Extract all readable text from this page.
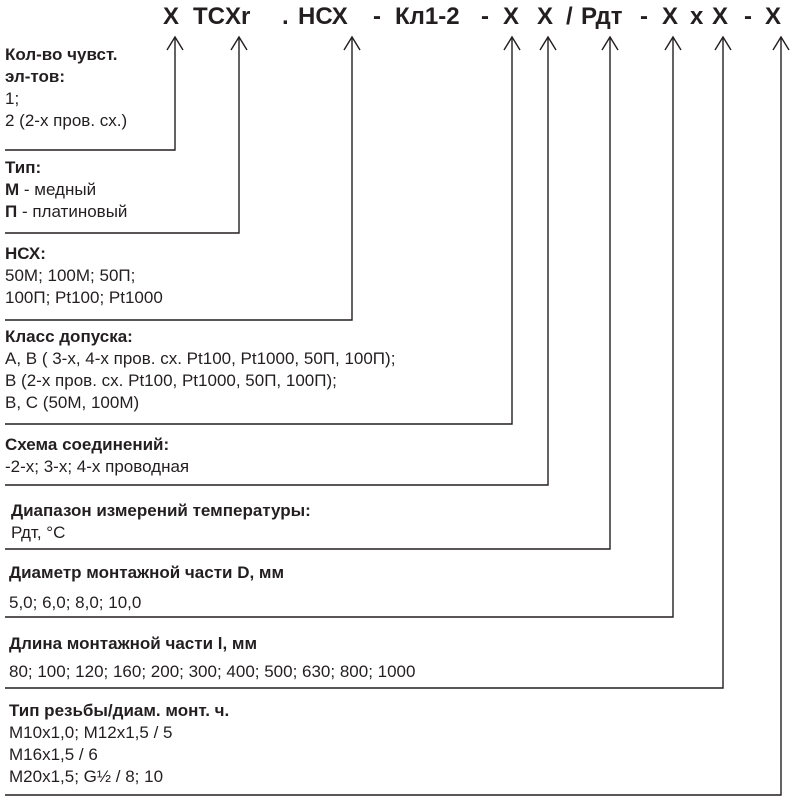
X TCXr . НСХ - Кл1-2 - X X / Рдт - X x X - X
Кол-во чувст.
эл-тов:
1;
2 (2-х пров. сх.)
Тип:
М - медный
П - платиновый
НСХ:
50М; 100М; 50П;
100П; Pt100; Pt1000
Класс допуска:
А, В ( 3-х, 4-х пров. сх. Pt100, Pt1000, 50П, 100П);
В (2-х пров. сх. Pt100, Pt1000, 50П, 100П);
В, С (50М, 100М)
Схема соединений:
-2-х; 3-х; 4-х проводная
Диапазон измерений температуры:
Рдт, °С
Диаметр монтажной части D, мм
5,0; 6,0; 8,0; 10,0
Длина монтажной части l, мм
80; 100; 120; 160; 200; 300; 400; 500; 630; 800; 1000
Тип резьбы/диам. монт. ч.
М10x1,0; М12x1,5 / 5
М16x1,5 / 6
М20x1,5; G½ / 8; 10
